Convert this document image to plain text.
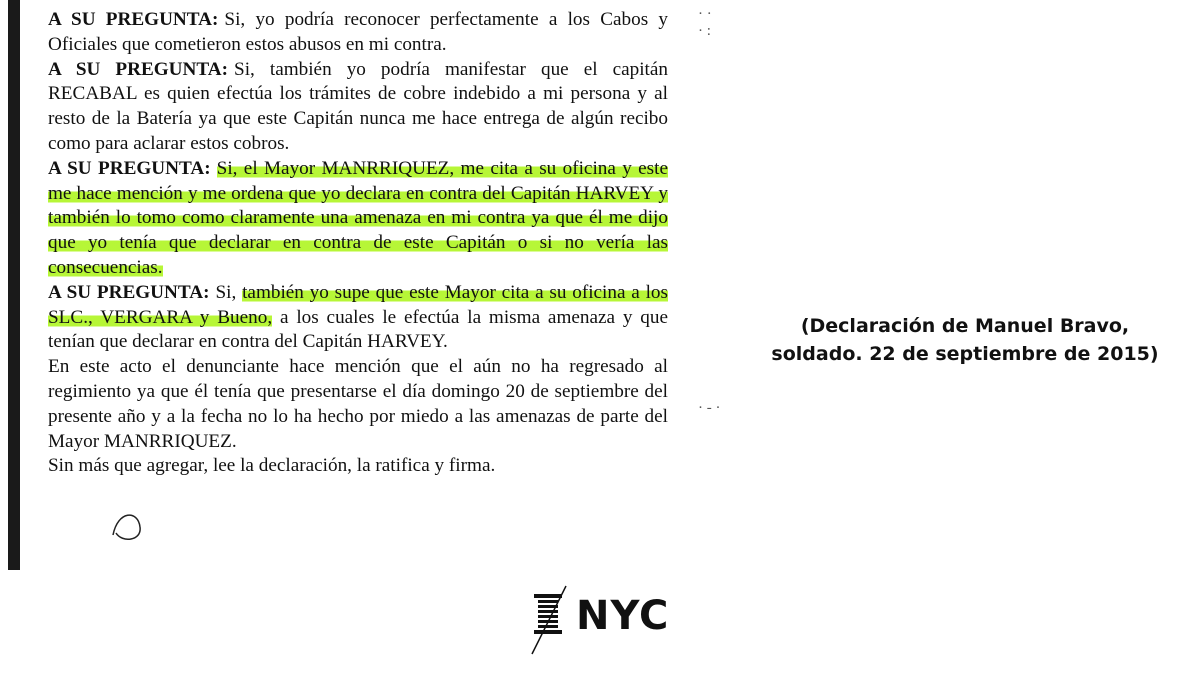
A SU PREGUNTA: Si, yo podría reconocer perfectamente a los Cabos y Oficiales que cometieron estos abusos en mi contra.

A SU PREGUNTA: Si, también yo podría manifestar que el capitán RECABAL es quien efectúa los trámites de cobre indebido a mi persona y al resto de la Batería ya que este Capitán nunca me hace entrega de algún recibo como para aclarar estos cobros.

A SU PREGUNTA: Si, el Mayor MANRRIQUEZ, me cita a su oficina y este me hace mención y me ordena que yo declara en contra del Capitán HARVEY y también lo tomo como claramente una amenaza en mi contra ya que él me dijo que yo tenía que declarar en contra de este Capitán o si no vería las consecuencias.

A SU PREGUNTA: Si, también yo supe que este Mayor cita a su oficina a los SLC., VERGARA y Bueno, a los cuales le efectúa la misma amenaza y que tenían que declarar en contra del Capitán HARVEY.

En este acto el denunciante hace mención que el aún no ha regresado al regimiento ya que él tenía que presentarse el día domingo 20 de septiembre del presente año y a la fecha no lo ha hecho por miedo a las amenazas de parte del Mayor MANRRIQUEZ.

Sin más que agregar, lee la declaración, la ratifica y firma.

· ·
· :
· - ·
(Declaración de Manuel Bravo,
soldado. 22 de septiembre de 2015)
NYC
